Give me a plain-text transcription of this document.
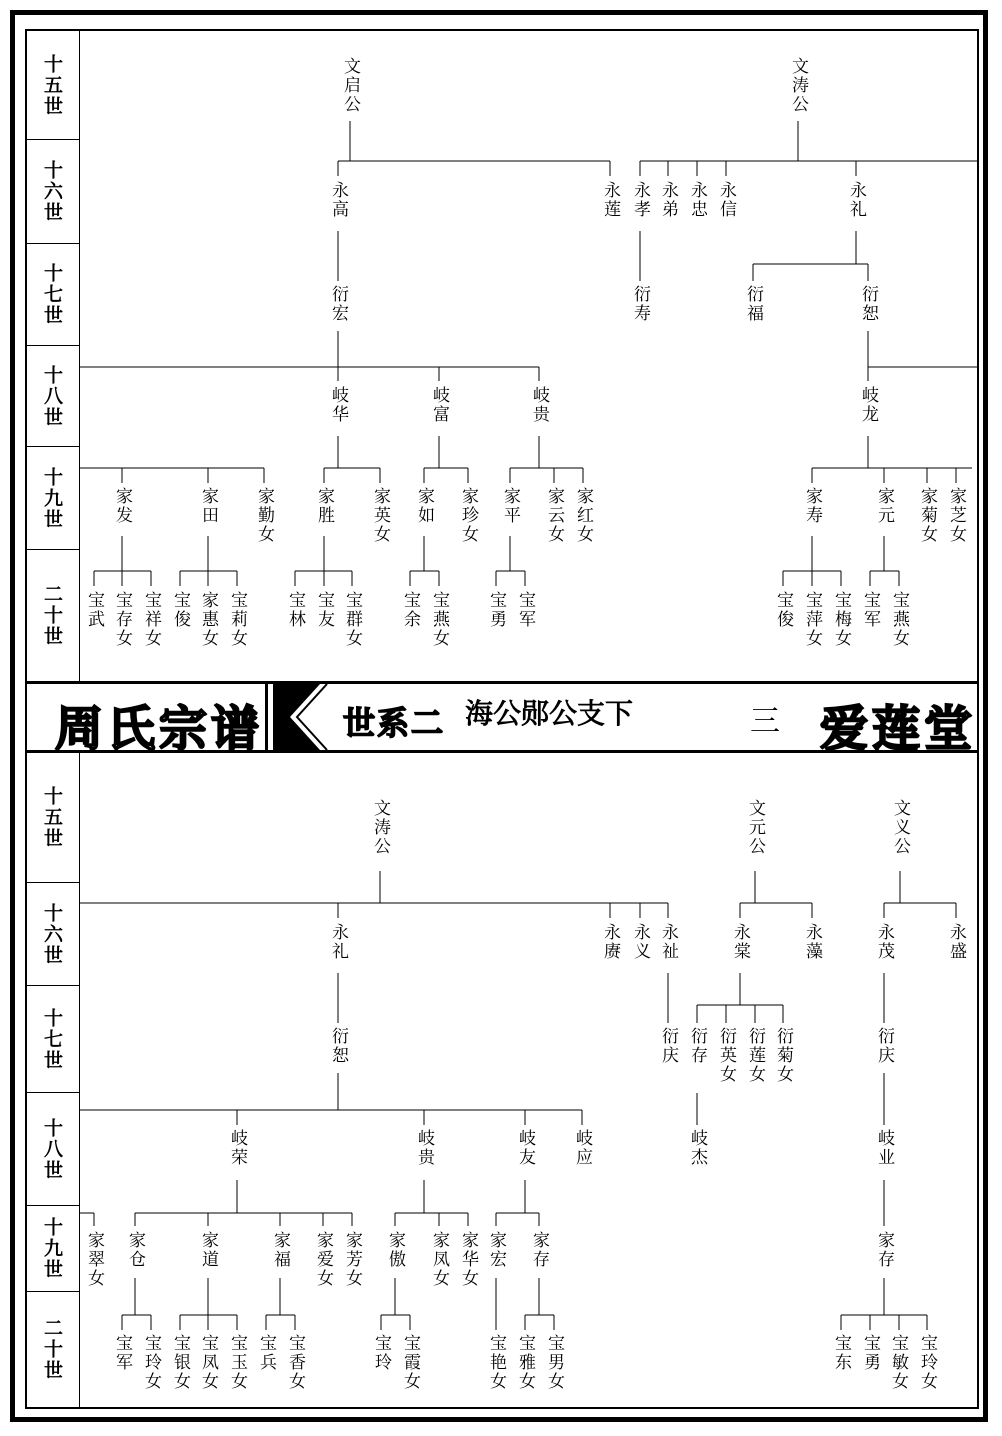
十五世
十六世
十七世
十八世
十九世
二十世
文启公	文涛公
永高	永莲 永孝 永弟 永忠 永信	永礼
衍宏	衍寿	衍福	衍恕
岐华	岐富	岐贵	岐龙
家发	家田 家勤女 家胜 家英女 家如 家珍女 家平 家云女 家红女	家寿	家元 家菊女 家芝女
宝武 宝存女 宝祥女 宝俊 家惠女 宝莉女 宝林 宝友 宝群女 宝余 宝燕女 宝勇 宝军	宝俊 宝萍女 宝梅女 宝军 宝燕女
周氏宗谱 世系二 海公郧公支下	三 爱莲堂
十五世
十六世
十七世
十八世
十九世
二十世
文涛公	文元公	文义公
永礼	永赓 永义 永祉	永棠	永藻	永茂	永盛
衍恕	衍庆 衍存 衍英女 衍莲女 衍菊女	衍庆
岐荣	岐贵	岐友 岐应	岐杰	岐业
家翠女 家仓	家道	家福 家爱女 家芳女 家傲 家凤女 家华女 家宏 家存	家存
宝军 宝玲女 宝银女 宝凤女 宝玉女 宝兵 宝香女	宝玲 宝霞女	宝艳女 宝雅女 宝男女	宝东 宝勇 宝敏女 宝玲女
